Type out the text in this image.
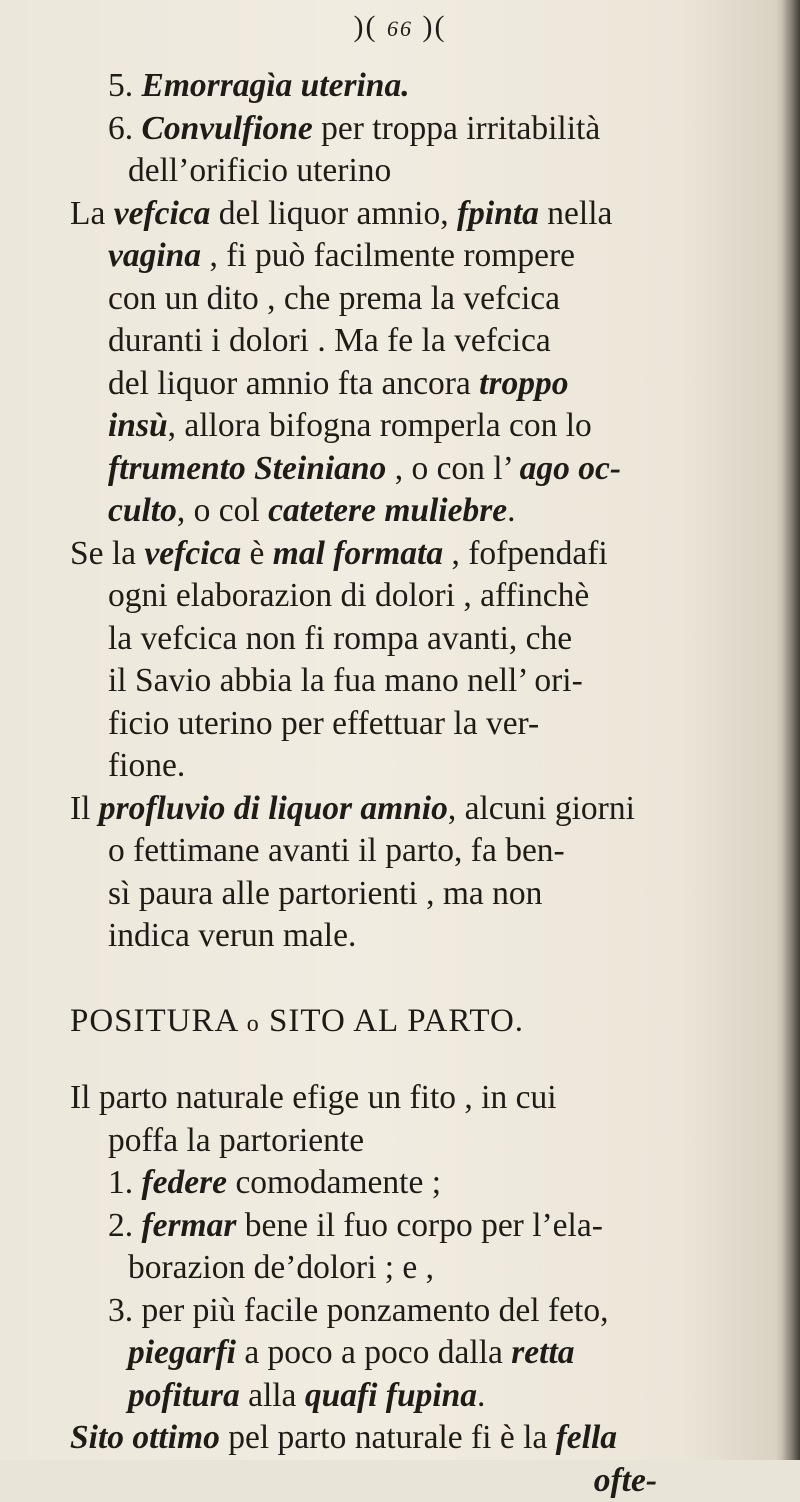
)( 66 )(
5. Emorragìa uterina.
6. Convulfione per troppa irritabilità
dell’orificio uterino
La vefcica del liquor amnio, fpinta nella
vagina , fi può facilmente rompere
con un dito , che prema la vefcica
duranti i dolori . Ma fe la vefcica
del liquor amnio fta ancora troppo
insù, allora bifogna romperla con lo
ftrumento Steiniano , o con l’ ago oc-
culto, o col catetere muliebre.
Se la vefcica è mal formata , fofpendafi
ogni elaborazion di dolori , affinchè
la vefcica non fi rompa avanti, che
il Savio abbia la fua mano nell’ ori-
ficio uterino per effettuar la ver-
fione.
Il profluvio di liquor amnio, alcuni giorni
o fettimane avanti il parto, fa ben-
sì paura alle partorienti , ma non
indica verun male.
POSITURA o SITO AL PARTO.
Il parto naturale efige un fito , in cui
poffa la partoriente
1. federe comodamente ;
2. fermar bene il fuo corpo per l’ela-
borazion de’dolori ; e ,
3. per più facile ponzamento del feto,
piegarfi a poco a poco dalla retta
pofitura alla quafi fupina.
Sito ottimo pel parto naturale fi è la fella
ofte-
